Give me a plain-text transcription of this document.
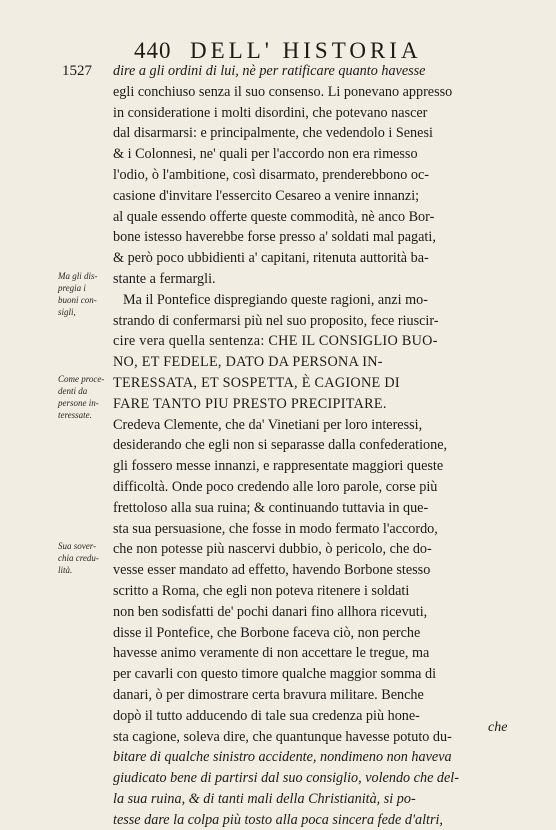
440 DELL' HISTORIA
1527 dire a gli ordini di lui, nè per ratificare quanto havesse
egli conchiuso senza il suo consenso. Li ponevano appresso
in consideratione i molti disordini, che potevano nascer
dal disarmarsi: e principalmente, che vedendolo i Senesi
& i Colonnesi, ne' quali per l'accordo non era rimesso
l'odio, ò l'ambitione, così disarmato, prenderebbono oc-
casione d'invitare l'essercito Cesareo a venire innanzi;
al quale essendo offerte queste commodità, nè anco Bor-
bone istesso haverebbe forse presso a' soldati mal pagati,
& però poco ubbidienti a' capitani, ritenuta auttorità ba-
stante a fermargli.
Ma il Pontefice dispregiando queste ragioni, anzi mo-
strando di confermarsi più nel suo proposito, fece riuscir-
cire vera quella sentenza: CHE IL CONSIGLIO BUO-
NO, ET FEDELE, DATO DA PERSONA IN-
TERESSATA, ET SOSPETTA, È CAGIONE DI
FARE TANTO PIU PRESTO PRECIPITARE.
Credeva Clemente, che da' Vinetiani per loro interessi,
desiderando che egli non si separasse dalla confederatione,
gli fossero messe innanzi, e rappresentate maggiori queste
difficoltà. Onde poco credendo alle loro parole, corse più
frettoloso alla sua ruina; & continuando tuttavia in que-
sta sua persuasione, che fosse in modo fermato l'accordo,
che non potesse più nascervi dubbio, ò pericolo, che do-
vesse esser mandato ad effetto, havendo Borbone stesso
scritto a Roma, che egli non poteva ritenere i soldati
non ben sodisfatti de' pochi danari fino allhora ricevuti,
disse il Pontefice, che Borbone faceva ciò, non perche
havesse animo veramente di non accettare le tregue, ma
per cavarli con questo timore qualche maggior somma di
danari, ò per dimostrare certa bravura militare. Benche
dopò il tutto adducendo di tale sua credenza più hone-
sta cagione, soleva dire, che quantunque havesse potuto du-
bitare di qualche sinistro accidente, nondimeno non haveva
giudicato bene di partirsi dal suo consiglio, volendo che del-
la sua ruina, & di tanti mali della Christianità, si po-
tesse dare la colpa più tosto alla poca sincera fede d'altri,
Ma gli dis-
pregia i
buoni con-
sigli,
Come proce-
denti da
persone in-
teressate.
Sua sover-
chia credu-
lità.
che
